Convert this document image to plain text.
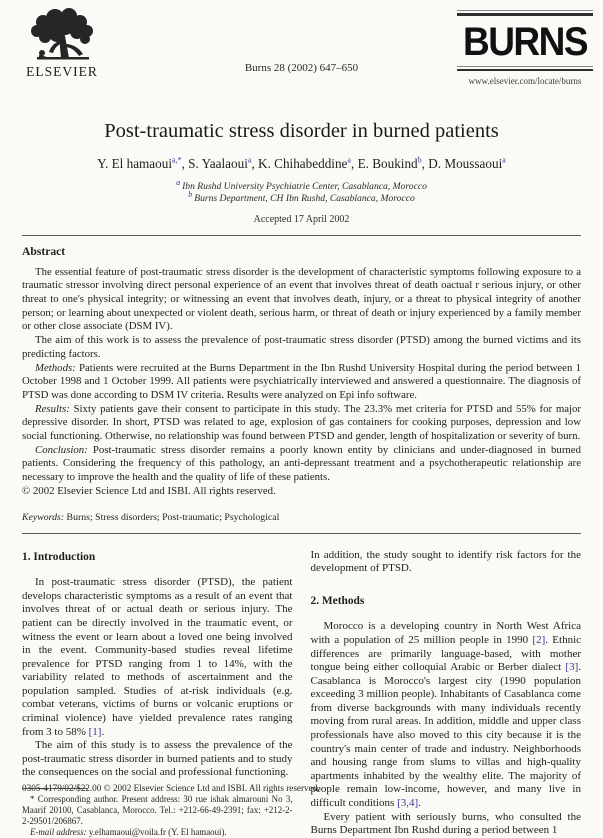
ELSEVIER	Burns 28 (2002) 647–650
BURNS
www.elsevier.com/locate/burns
Post-traumatic stress disorder in burned patients
Y. El hamaoui$^{a,*}$, S. Yaalaoui$^a$, K. Chihabeddine$^a$, E. Boukind$^b$, D. Moussaoui$^a$
$^a$ Ibn Rushd University Psychiatrie Center, Casablanca, Morocco
$^b$ Burns Department, CH Ibn Rushd, Casablanca, Morocco
Accepted 17 April 2002
Abstract

The essential feature of post-traumatic stress disorder is the development of characteristic symptoms following exposure to a traumatic stressor involving direct personal experience of an event that involves threat of death oactual r serious injury, or other threat to one's physical integrity; or witnessing an event that involves death, injury, or a threat to physical integrity of another person; or learning about unexpected or violent death, serious harm, or threat of death or injury experienced by a family member or other close associate (DSM IV).

The aim of this work is to assess the prevalence of post-traumatic stress disorder (PTSD) among the burned victims and its predicting factors.

Methods: Patients were recruited at the Burns Department in the Ibn Rushd University Hospital during the period between 1 October 1998 and 1 October 1999. All patients were psychiatrically interviewed and answered a questionnaire. The diagnosis of PTSD was done according to DSM IV criteria. Results were analyzed on Epi info software.

Results: Sixty patients gave their consent to participate in this study. The 23.3% met criteria for PTSD and 55% for major depressive disorder. In short, PTSD was related to age, explosion of gas containers for cooking purposes, depression and low social functioning. Otherwise, no relationship was found between PTSD and gender, length of hospitalization or severity of burn.

Conclusion: Post-traumatic stress disorder remains a poorly known entity by clinicians and under-diagnosed in burned patients. Considering the frequency of this pathology, an anti-depressant treatment and a psychotherapeutic relationship are necessary to improve the health and the quality of life of these patients.

© 2002 Elsevier Science Ltd and ISBI. All rights reserved.

Keywords: Burns; Stress disorders; Post-traumatic; Psychological
1. Introduction

In post-traumatic stress disorder (PTSD), the patient develops characteristic symptoms as a result of an event that involves threat of or actual death or serious injury. The patient can be directly involved in the traumatic event, or witness the event or learn about a loved one being involved in the event. Community-based studies reveal lifetime prevalence for PTSD ranging from 1 to 14%, with the variability related to methods of ascertainment and the population sampled. Studies of at-risk individuals (e.g. combat veterans, victims of burns or volcanic eruptions or criminal violence) have yielded prevalence rates ranging from 3 to 58% [1].

The aim of this study is to assess the prevalence of the post-traumatic stress disorder in burned patients and to study the consequences on the social and professional functioning.

* Corresponding author. Present address: 30 rue ishak almarouni No 3, Maarif 20100, Casablanca, Morocco. Tel.: +212-66-49-2391; fax: +212-2-2-29501/206867.

E-mail address: y.elhamaoui@voila.fr (Y. El hamaoui).

In addition, the study sought to identify risk factors for the development of PTSD.

2. Methods

Morocco is a developing country in North West Africa with a population of 25 million people in 1990 [2]. Ethnic differences are primarily language-based, with mother tongue being either colloquial Arabic or Berber dialect [3]. Casablanca is Morocco's largest city (1990 population exceeding 3 million people). Inhabitants of Casablanca come from diverse backgrounds with many individuals recently moving from rural areas. In addition, middle and upper class professionals have also moved to this city because it is the country's main center of trade and industry. Neighborhoods and housing range from slums to villas and high-quality apartments inhabited by the wealthy elite. The majority of people remain low-income, however, and many live in difficult conditions [3,4].

Every patient with seriously burns, who consulted the Burns Department Ibn Rushd during a period between 1

0305-4179/02/$22.00 © 2002 Elsevier Science Ltd and ISBI. All rights reserved.
